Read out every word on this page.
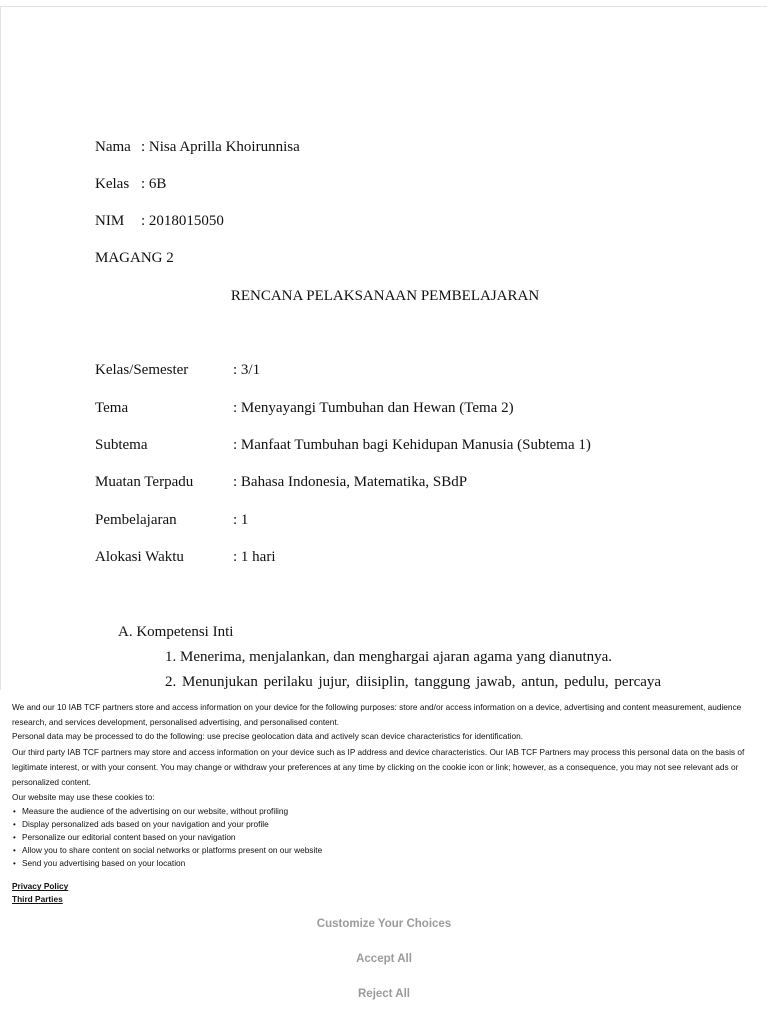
Nama : Nisa Aprilla Khoirunnisa
Kelas : 6B
NIM : 2018015050
MAGANG 2
RENCANA PELAKSANAAN PEMBELAJARAN
Kelas/Semester	: 3/1
Tema	: Menyayangi Tumbuhan dan Hewan (Tema 2)
Subtema	: Manfaat Tumbuhan bagi Kehidupan Manusia (Subtema 1)
Muatan Terpadu	: Bahasa Indonesia, Matematika, SBdP
Pembelajaran	: 1
Alokasi Waktu	: 1 hari
A. Kompetensi Inti
1. Menerima, menjalankan, dan menghargai ajaran agama yang dianutnya.
2. Menunjukan perilaku jujur, diisiplin, tanggung jawab, antun, pedulu, percaya

We and our 10 IAB TCF partners store and access information on your device for the following purposes: store and/or access information on a device, advertising and content measurement, audience research, and services development, personalised advertising, and personalised content.

Personal data may be processed to do the following: use precise geolocation data and actively scan device characteristics for identification.

Our third party IAB TCF partners may store and access information on your device such as IP address and device characteristics. Our IAB TCF Partners may process this personal data on the basis of legitimate interest, or with your consent. You may change or withdraw your preferences at any time by clicking on the cookie icon or link; however, as a consequence, you may not see relevant ads or personalized content.

Our website may use these cookies to:

• Measure the audience of the advertising on our website, without profiling
• Display personalized ads based on your navigation and your profile
• Personalize our editorial content based on your navigation
• Allow you to share content on social networks or platforms present on our website
• Send you advertising based on your location
Privacy Policy
Third Parties
Customize Your Choices
Accept All
Reject All
